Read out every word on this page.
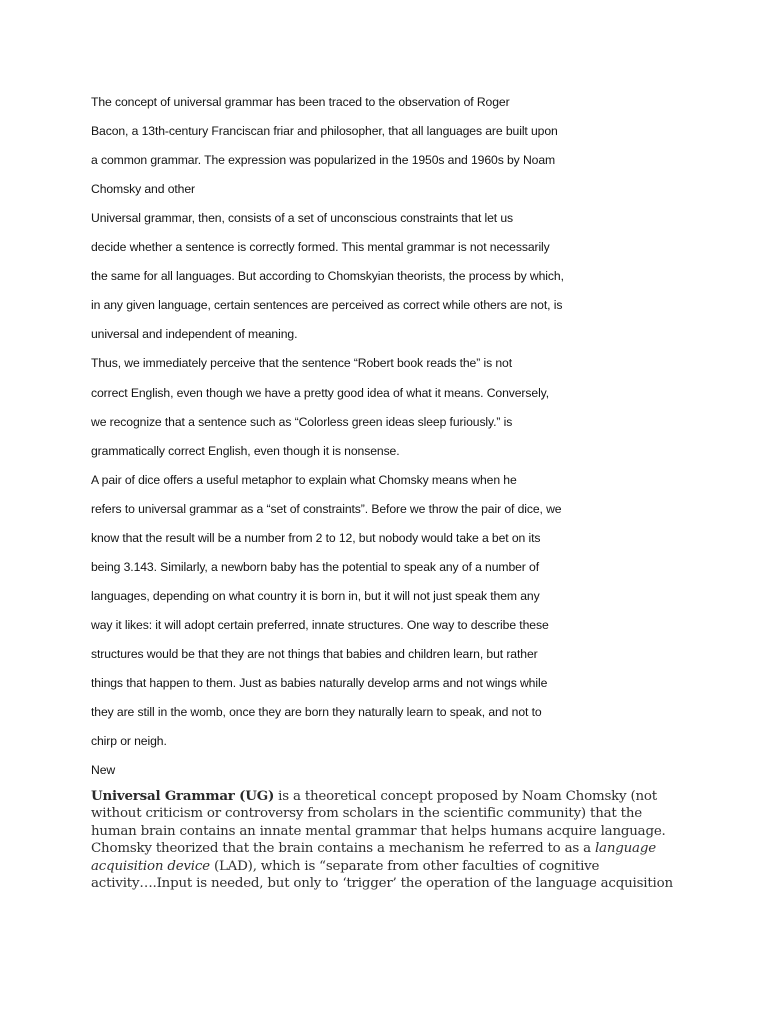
The concept of universal grammar has been traced to the observation of Roger
Bacon, a 13th-century Franciscan friar and philosopher, that all languages are built upon
a common grammar. The expression was popularized in the 1950s and 1960s by Noam
Chomsky and other
Universal grammar, then, consists of a set of unconscious constraints that let us
decide whether a sentence is correctly formed. This mental grammar is not necessarily
the same for all languages. But according to Chomskyian theorists, the process by which,
in any given language, certain sentences are perceived as correct while others are not, is
universal and independent of meaning.
Thus, we immediately perceive that the sentence “Robert book reads the” is not
correct English, even though we have a pretty good idea of what it means. Conversely,
we recognize that a sentence such as “Colorless green ideas sleep furiously.” is
grammatically correct English, even though it is nonsense.
A pair of dice offers a useful metaphor to explain what Chomsky means when he
refers to universal grammar as a “set of constraints”. Before we throw the pair of dice, we
know that the result will be a number from 2 to 12, but nobody would take a bet on its
being 3.143. Similarly, a newborn baby has the potential to speak any of a number of
languages, depending on what country it is born in, but it will not just speak them any
way it likes: it will adopt certain preferred, innate structures. One way to describe these
structures would be that they are not things that babies and children learn, but rather
things that happen to them. Just as babies naturally develop arms and not wings while
they are still in the womb, once they are born they naturally learn to speak, and not to
chirp or neigh.
New
Universal Grammar (UG) is a theoretical concept proposed by Noam Chomsky (not
without criticism or controversy from scholars in the scientific community) that the
human brain contains an innate mental grammar that helps humans acquire language.
Chomsky theorized that the brain contains a mechanism he referred to as a language
acquisition device (LAD), which is “separate from other faculties of cognitive
activity….Input is needed, but only to ‘trigger’ the operation of the language acquisition
